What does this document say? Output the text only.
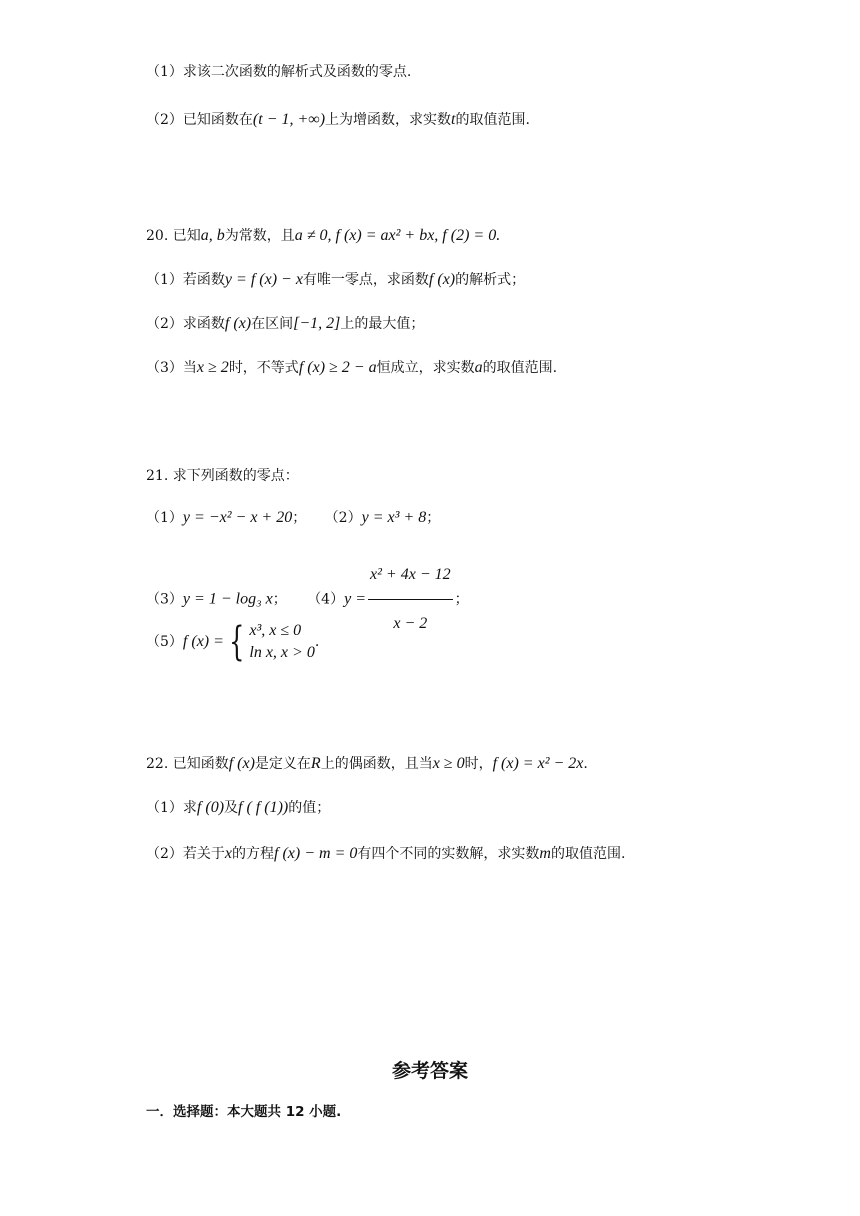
（1）求该二次函数的解析式及函数的零点.
（2）已知函数在(t − 1, +∞)上为增函数，求实数t的取值范围.
20. 已知a, b为常数，且a ≠ 0, f (x) = ax² + bx, f (2) = 0.
（1）若函数y = f (x) − x有唯一零点，求函数f (x)的解析式；
（2）求函数f (x)在区间[−1, 2]上的最大值；
（3）当x ≥ 2时，不等式f (x) ≥ 2 − a恒成立，求实数a的取值范围.
21. 求下列函数的零点：
（1）y = −x² − x + 20； （2）y = x³ + 8；
（3）y = 1 − log₃ x； $(4)y = \frac{\text{x² + 4x − 12}}{x - 2}$ ；
（5）f (x) = { x³, x ≤ 0
ln x, x > 0
.
22. 已知函数f (x)是定义在R上的偶函数，且当x ≥ 0时，f (x) = x² − 2x.
（1）求f (0)及f ( f (1))的值；
（2）若关于x的方程f (x) − m = 0有四个不同的实数解，求实数m的取值范围.
参考答案
一．选择题：本大题共 12 小题.
